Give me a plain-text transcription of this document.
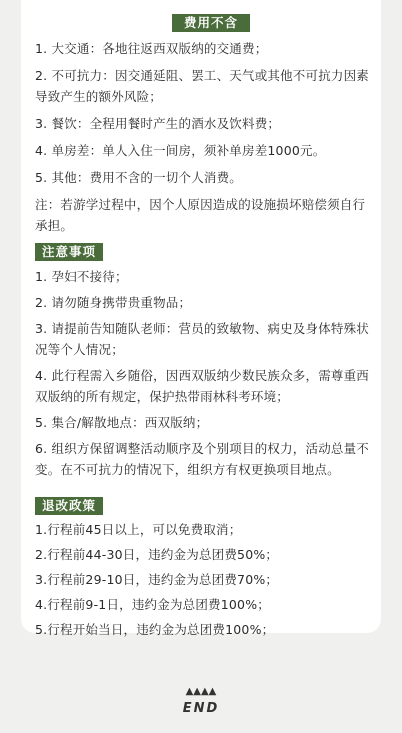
费用不含
1. 大交通：各地往返西双版纳的交通费；
2. 不可抗力：因交通延阻、罢工、天气或其他不可抗力因素导致产生的额外风险；
3. 餐饮：全程用餐时产生的酒水及饮料费；
4. 单房差：单人入住一间房，须补单房差1000元。
5. 其他：费用不含的一切个人消费。
注：若游学过程中，因个人原因造成的设施损坏赔偿须自行承担。
注意事项
1. 孕妇不接待；
2. 请勿随身携带贵重物品；
3. 请提前告知随队老师：营员的致敏物、病史及身体特殊状况等个人情况；
4. 此行程需入乡随俗，因西双版纳少数民族众多，需尊重西双版纳的所有规定，保护热带雨林科考环境；
5. 集合/解散地点：西双版纳；
6. 组织方保留调整活动顺序及个别项目的权力，活动总量不变。在不可抗力的情况下，组织方有权更换项目地点。
退改政策
1.行程前45日以上，可以免费取消；
2.行程前44-30日，违约金为总团费50%；
3.行程前29-10日，违约金为总团费70%；
4.行程前9-1日，违约金为总团费100%；
5.行程开始当日，违约金为总团费100%；
▲▲▲▲
END
